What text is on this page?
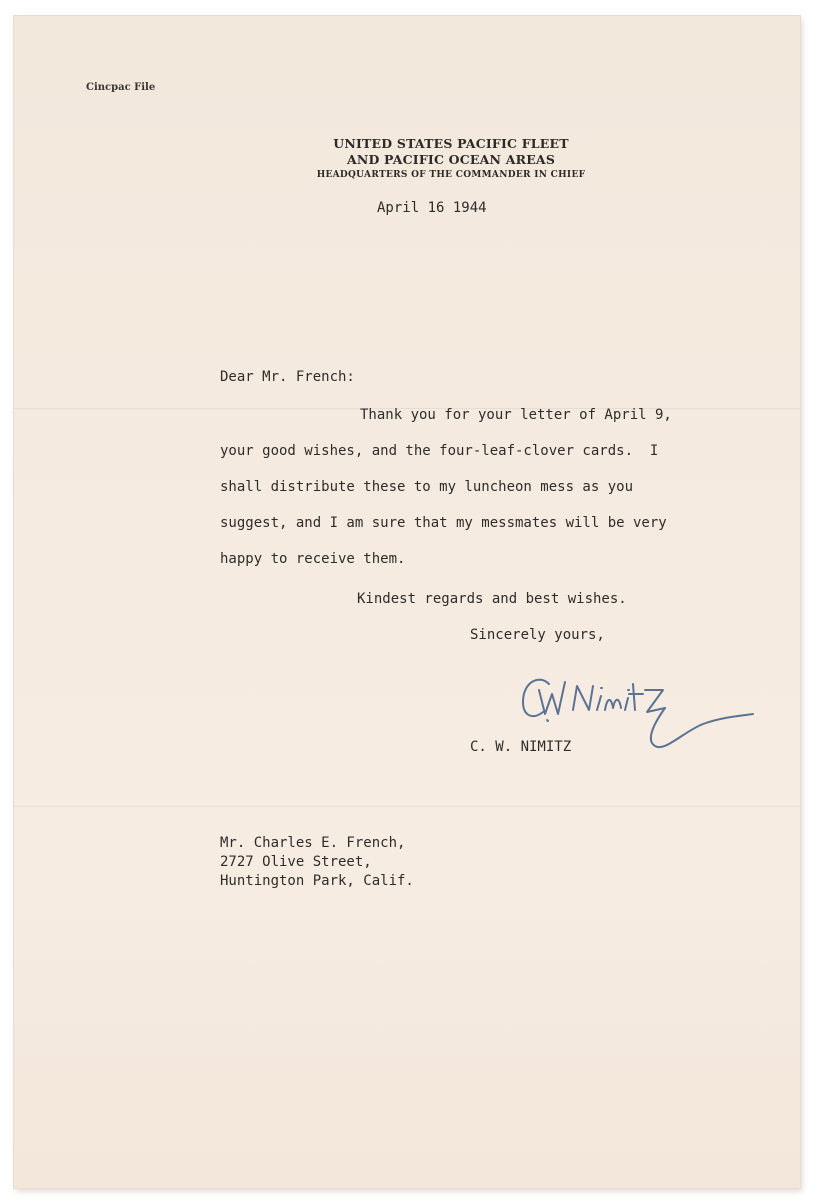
Cincpac File
UNITED STATES PACIFIC FLEET
AND PACIFIC OCEAN AREAS
HEADQUARTERS OF THE COMMANDER IN CHIEF
April 16 1944
Dear Mr. French:
Thank you for your letter of April 9,
your good wishes, and the four-leaf-clover cards.  I
shall distribute these to my luncheon mess as you
suggest, and I am sure that my messmates will be very
happy to receive them.
Kindest regards and best wishes.
Sincerely yours,
C. W. NIMITZ
Mr. Charles E. French,
2727 Olive Street,
Huntington Park, Calif.
